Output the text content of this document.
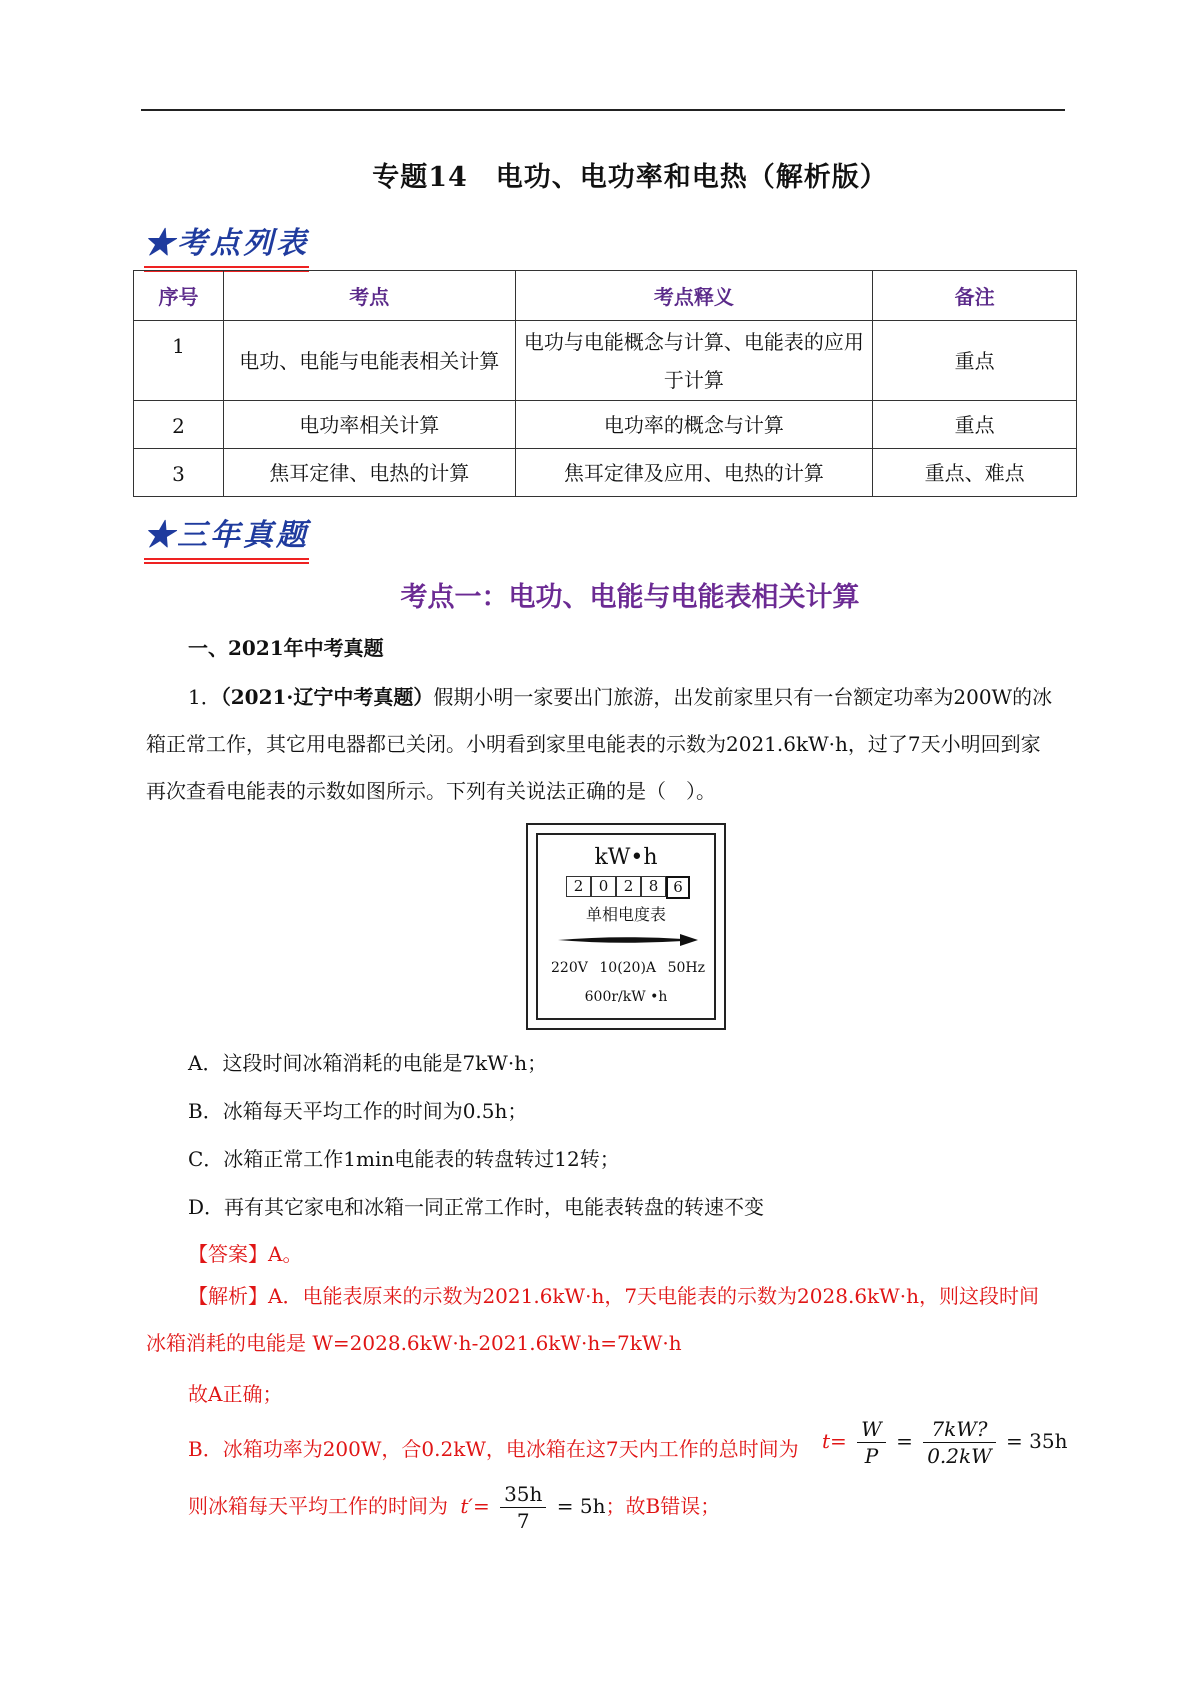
专题14　电功、电功率和电热（解析版）
★考点列表
序号	考点	考点释义	备注
1	电功、电能与电能表相关计算	电功与电能概念与计算、电能表的应用于计算	重点
2	电功率相关计算	电功率的概念与计算	重点
3	焦耳定律、电热的计算	焦耳定律及应用、电热的计算	重点、难点
★三年真题
考点一：电功、电能与电能表相关计算
一、2021年中考真题
1．（2021·辽宁中考真题）假期小明一家要出门旅游，出发前家里只有一台额定功率为200W的冰箱正常工作，其它用电器都已关闭。小明看到家里电能表的示数为2021.6kW·h，过了7天小明回到家再次查看电能表的示数如图所示。下列有关说法正确的是（　）。
kW•h
2	0	2	8 6
单相电度表
220V 10(20)A 50Hz
600r/kW •h
A．这段时间冰箱消耗的电能是7kW·h；
B．冰箱每天平均工作的时间为0.5h；
C．冰箱正常工作1min电能表的转盘转过12转；
D．再有其它家电和冰箱一同正常工作时，电能表转盘的转速不变
【答案】A。
【解析】A．电能表原来的示数为2021.6kW·h，7天电能表的示数为2028.6kW·h，则这段时间冰箱消耗的电能是 W=2028.6kW·h-2021.6kW·h=7kW·h
故A正确；
B．冰箱功率为200W，合0.2kW，电冰箱在这7天内工作的总时间为 $t= \frac{W}{P} = \frac{7kW?}{0.2kW} = 35h$
则冰箱每天平均工作的时间为 $t'= \frac{35h}{7} = 5h$；故B错误；
